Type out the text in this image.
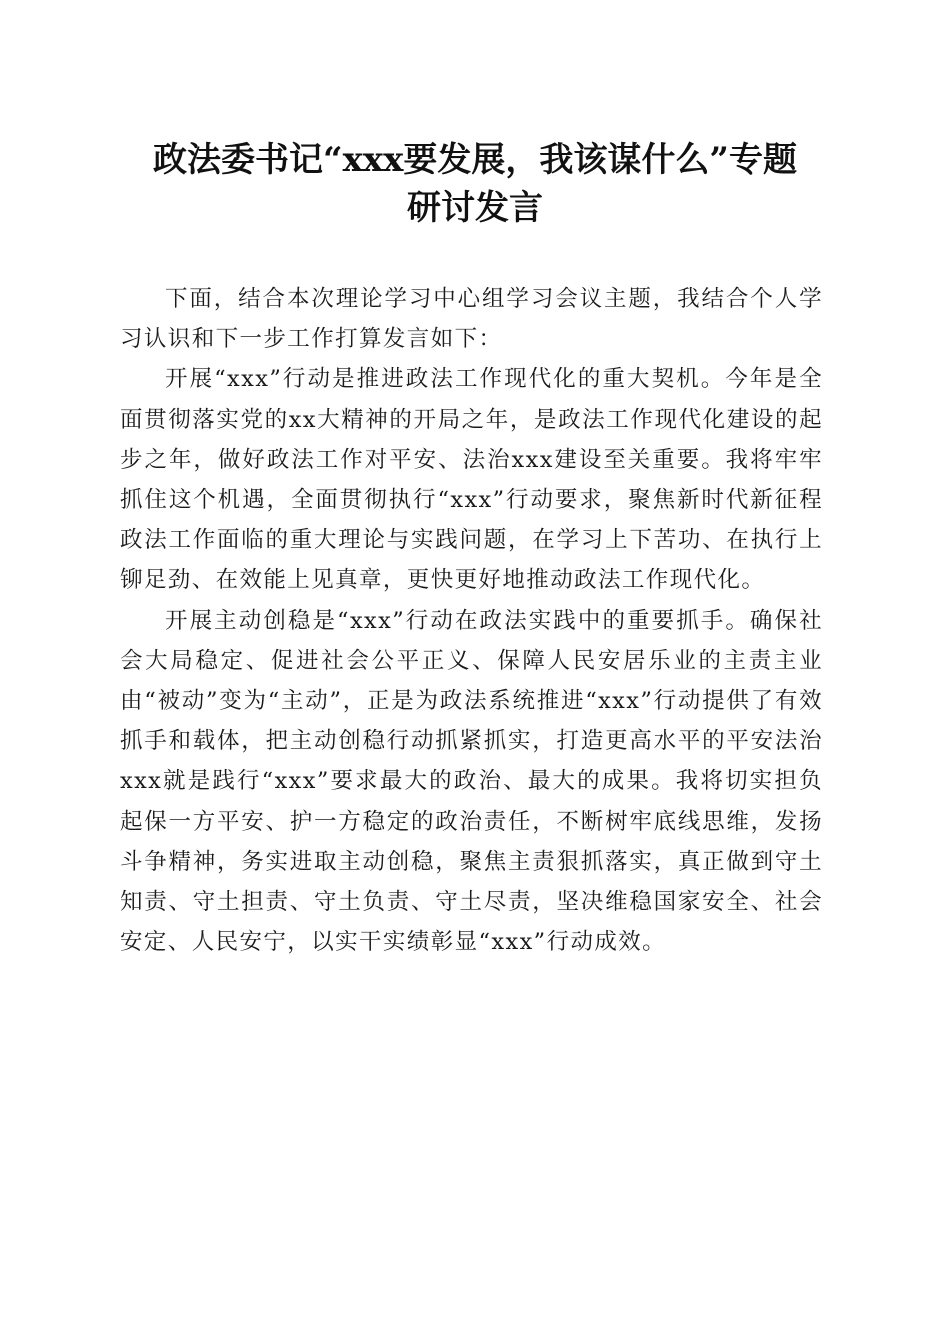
政法委书记“xxx要发展，我该谋什么”专题
研讨发言

下面，结合本次理论学习中心组学习会议主题，我结合个人学习认识和下一步工作打算发言如下：

开展“xxx”行动是推进政法工作现代化的重大契机。今年是全面贯彻落实党的xx大精神的开局之年，是政法工作现代化建设的起步之年，做好政法工作对平安、法治xxx建设至关重要。我将牢牢抓住这个机遇，全面贯彻执行“xxx”行动要求，聚焦新时代新征程政法工作面临的重大理论与实践问题，在学习上下苦功、在执行上铆足劲、在效能上见真章，更快更好地推动政法工作现代化。

开展主动创稳是“xxx”行动在政法实践中的重要抓手。确保社会大局稳定、促进社会公平正义、保障人民安居乐业的主责主业由“被动”变为“主动”，正是为政法系统推进“xxx”行动提供了有效抓手和载体，把主动创稳行动抓紧抓实，打造更高水平的平安法治xxx就是践行“xxx”要求最大的政治、最大的成果。我将切实担负起保一方平安、护一方稳定的政治责任，不断树牢底线思维，发扬斗争精神，务实进取主动创稳，聚焦主责狠抓落实，真正做到守土知责、守土担责、守土负责、守土尽责，坚决维稳国家安全、社会安定、人民安宁，以实干实绩彰显“xxx”行动成效。
